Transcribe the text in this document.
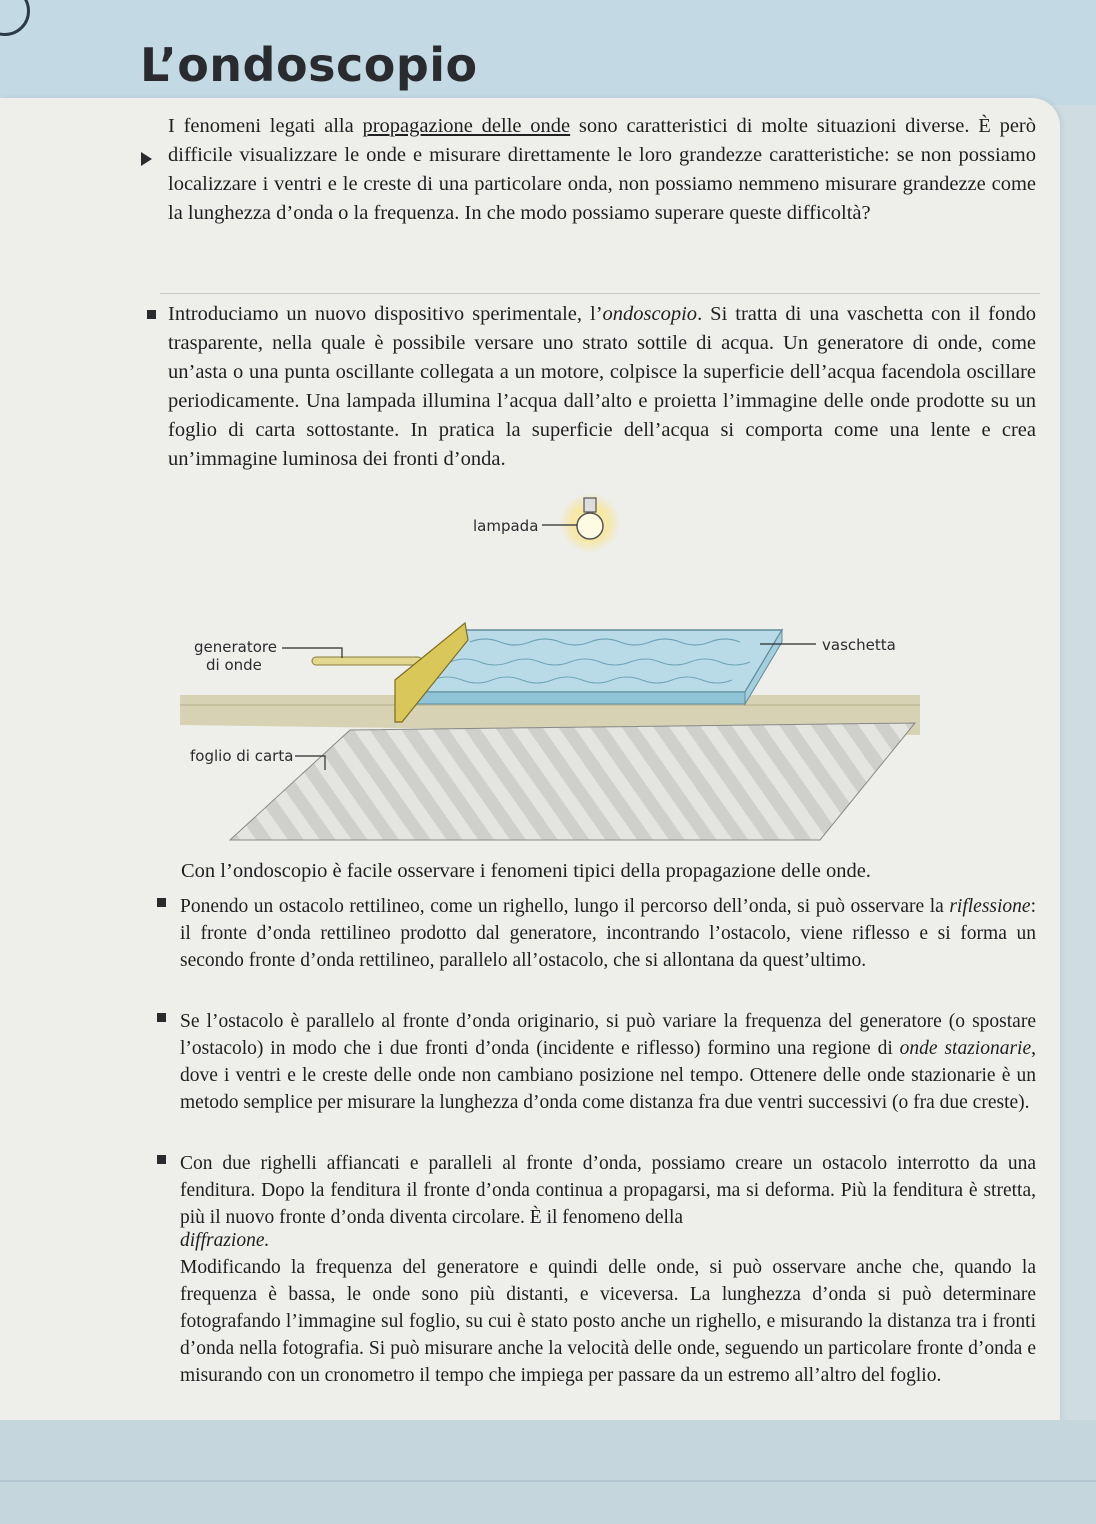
L’ondoscopio

I fenomeni legati alla propagazione delle onde sono caratteristici di molte situazioni diverse. È però difficile visualizzare le onde e misurare direttamente le loro grandezze caratteristiche: se non possiamo localizzare i ventri e le creste di una particolare onda, non possiamo nemmeno misurare grandezze come la lunghezza d’onda o la frequenza. In che modo possiamo superare queste difficoltà?

Introduciamo un nuovo dispositivo sperimentale, l’ondoscopio. Si tratta di una vaschetta con il fondo trasparente, nella quale è possibile versare uno strato sottile di acqua. Un generatore di onde, come un’asta o una punta oscillante collegata a un motore, colpisce la superficie dell’acqua facendola oscillare periodicamente. Una lampada illumina l’acqua dall’alto e proietta l’immagine delle onde prodotte su un foglio di carta sottostante. In pratica la superficie dell’acqua si comporta come una lente e crea un’immagine luminosa dei fronti d’onda.

lampada
generatore
di onde
vaschetta
foglio di carta

Con l’ondoscopio è facile osservare i fenomeni tipici della propagazione delle onde.

Ponendo un ostacolo rettilineo, come un righello, lungo il percorso dell’onda, si può osservare la riflessione: il fronte d’onda rettilineo prodotto dal generatore, incontrando l’ostacolo, viene riflesso e si forma un secondo fronte d’onda rettilineo, parallelo all’ostacolo, che si allontana da quest’ultimo.

Se l’ostacolo è parallelo al fronte d’onda originario, si può variare la frequenza del generatore (o spostare l’ostacolo) in modo che i due fronti d’onda (incidente e riflesso) formino una regione di onde stazionarie, dove i ventri e le creste delle onde non cambiano posizione nel tempo. Ottenere delle onde stazionarie è un metodo semplice per misurare la lunghezza d’onda come distanza fra due ventri successivi (o fra due creste).

Con due righelli affiancati e paralleli al fronte d’onda, possiamo creare un ostacolo interrotto da una fenditura. Dopo la fenditura il fronte d’onda continua a propagarsi, ma si deforma. Più la fenditura è stretta, più il nuovo fronte d’onda diventa circolare. È il fenomeno della

diffrazione.

Modificando la frequenza del generatore e quindi delle onde, si può osservare anche che, quando la frequenza è bassa, le onde sono più distanti, e viceversa. La lunghezza d’onda si può determinare fotografando l’immagine sul foglio, su cui è stato posto anche un righello, e misurando la distanza tra i fronti d’onda nella fotografia. Si può misurare anche la velocità delle onde, seguendo un particolare fronte d’onda e misurando con un cronometro il tempo che impiega per passare da un estremo all’altro del foglio.
